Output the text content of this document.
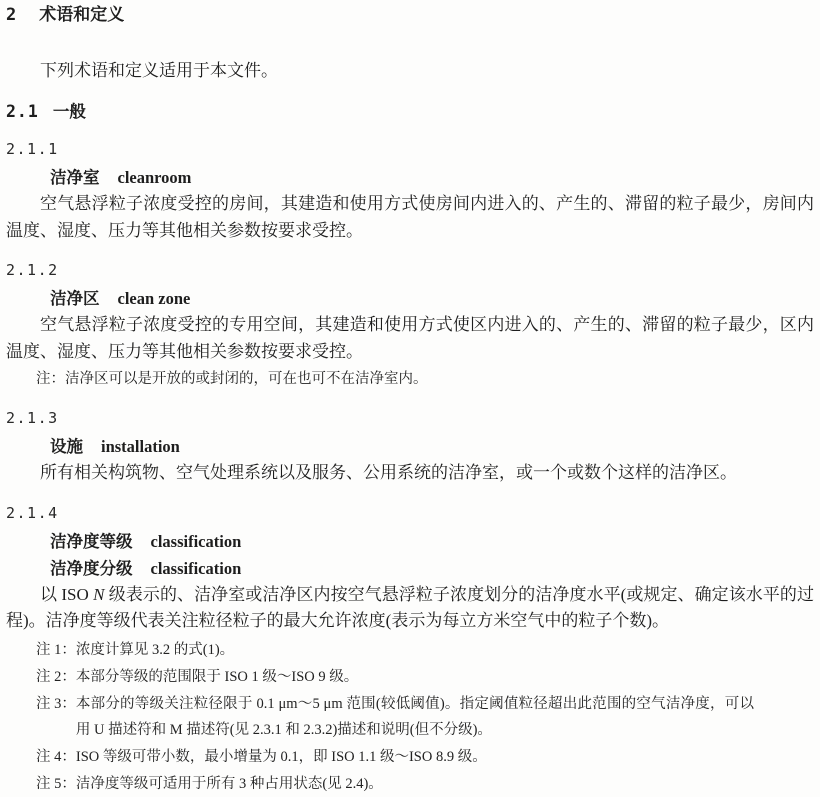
2 术语和定义

下列术语和定义适用于本文件。

2.1 一般

2.1.1

洁净室 cleanroom

空气悬浮粒子浓度受控的房间，其建造和使用方式使房间内进入的、产生的、滞留的粒子最少，房间内温度、湿度、压力等其他相关参数按要求受控。

2.1.2

洁净区 clean zone

空气悬浮粒子浓度受控的专用空间，其建造和使用方式使区内进入的、产生的、滞留的粒子最少，区内温度、湿度、压力等其他相关参数按要求受控。

注： 洁净区可以是开放的或封闭的，可在也可不在洁净室内。

2.1.3

设施 installation

所有相关构筑物、空气处理系统以及服务、公用系统的洁净室，或一个或数个这样的洁净区。

2.1.4

洁净度等级 classification

洁净度分级 classification

以 ISO N 级表示的、洁净室或洁净区内按空气悬浮粒子浓度划分的洁净度水平(或规定、确定该水平的过程)。洁净度等级代表关注粒径粒子的最大允许浓度(表示为每立方米空气中的粒子个数)。

注 1： 浓度计算见 3.2 的式(1)。
注 2： 本部分等级的范围限于 ISO 1 级～ISO 9 级。
注 3： 本部分的等级关注粒径限于 0.1 μm～5 μm 范围(较低阈值)。指定阈值粒径超出此范围的空气洁净度，可以用 U 描述符和 M 描述符(见 2.3.1 和 2.3.2)描述和说明(但不分级)。
注 4： ISO 等级可带小数，最小增量为 0.1，即 ISO 1.1 级～ISO 8.9 级。
注 5： 洁净度等级可适用于所有 3 种占用状态(见 2.4)。
